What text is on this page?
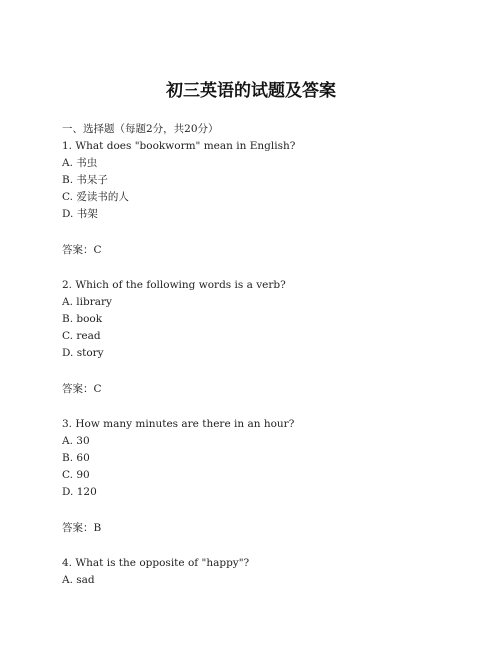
初三英语的试题及答案
一、选择题（每题2分，共20分）
1. What does "bookworm" mean in English?
A. 书虫
B. 书呆子
C. 爱读书的人
D. 书架
答案：C
2. Which of the following words is a verb?
A. library
B. book
C. read
D. story
答案：C
3. How many minutes are there in an hour?
A. 30
B. 60
C. 90
D. 120
答案：B
4. What is the opposite of "happy"?
A. sad
